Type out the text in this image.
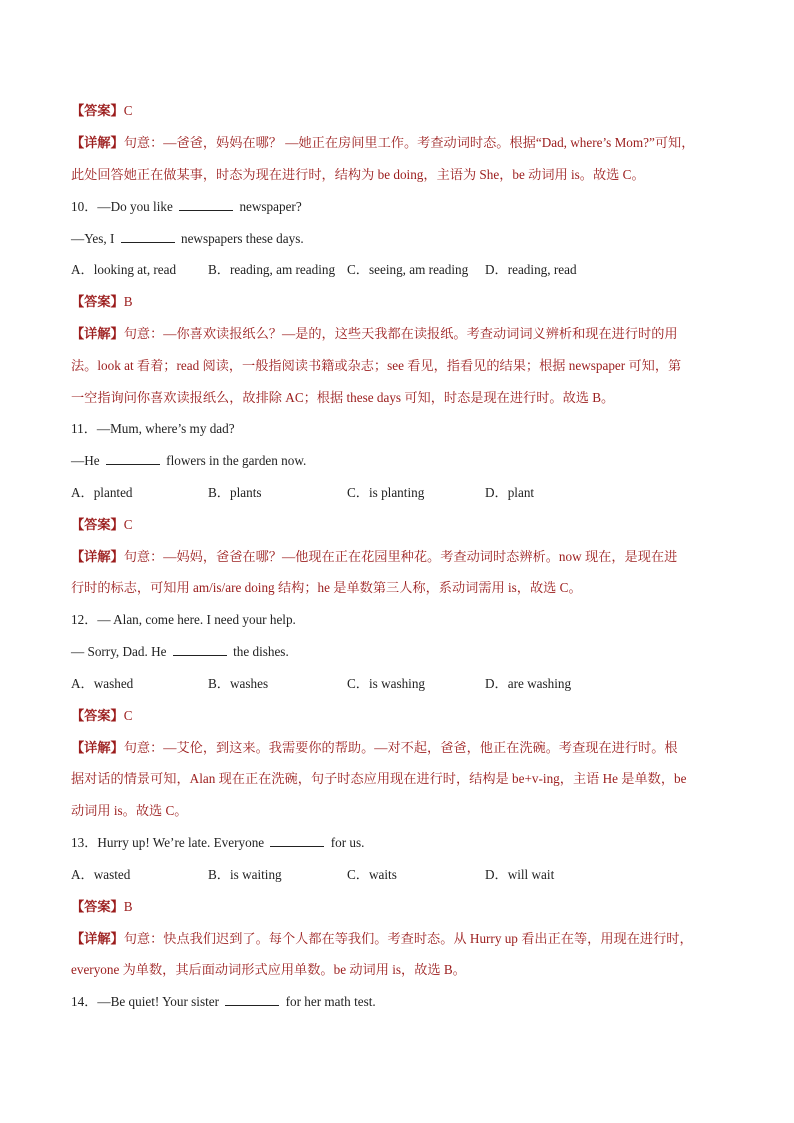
【答案】C
【详解】句意：—爸爸，妈妈在哪？ —她正在房间里工作。考查动词时态。根据“Dad, where’s Mom?”可知，
此处回答她正在做某事，时态为现在进行时，结构为 be doing，主语为 She，be 动词用 is。故选 C。
10．—Do you like	newspaper?
—Yes, I	newspapers these days.
A．looking at, read B．reading, am reading C．seeing, am reading D．reading, read
【答案】B
【详解】句意：—你喜欢读报纸么？—是的，这些天我都在读报纸。考查动词词义辨析和现在进行时的用
法。look at 看着；read 阅读，一般指阅读书籍或杂志；see 看见，指看见的结果；根据 newspaper 可知，第
一空指询问你喜欢读报纸么，故排除 AC；根据 these days 可知，时态是现在进行时。故选 B。
11．—Mum, where’s my dad?
—He	flowers in the garden now.
A．planted	B．plants	C．is planting	D．plant
【答案】C
【详解】句意：—妈妈，爸爸在哪？—他现在正在花园里种花。考查动词时态辨析。now 现在，是现在进
行时的标志，可知用 am/is/are doing 结构；he 是单数第三人称，系动词需用 is，故选 C。
12．— Alan, come here. I need your help.
— Sorry, Dad. He	the dishes.
A．washed	B．washes	C．is washing	D．are washing
【答案】C
【详解】句意：—艾伦，到这来。我需要你的帮助。—对不起，爸爸，他正在洗碗。考查现在进行时。根
据对话的情景可知，Alan 现在正在洗碗，句子时态应用现在进行时，结构是 be+v-ing，主语 He 是单数，be
动词用 is。故选 C。
13．Hurry up! We’re late. Everyone	for us.
A．wasted	B．is waiting	C．waits	D．will wait
【答案】B
【详解】句意：快点我们迟到了。每个人都在等我们。考查时态。从 Hurry up 看出正在等，用现在进行时，
everyone 为单数，其后面动词形式应用单数。be 动词用 is，故选 B。
14．—Be quiet! Your sister	for her math test.
